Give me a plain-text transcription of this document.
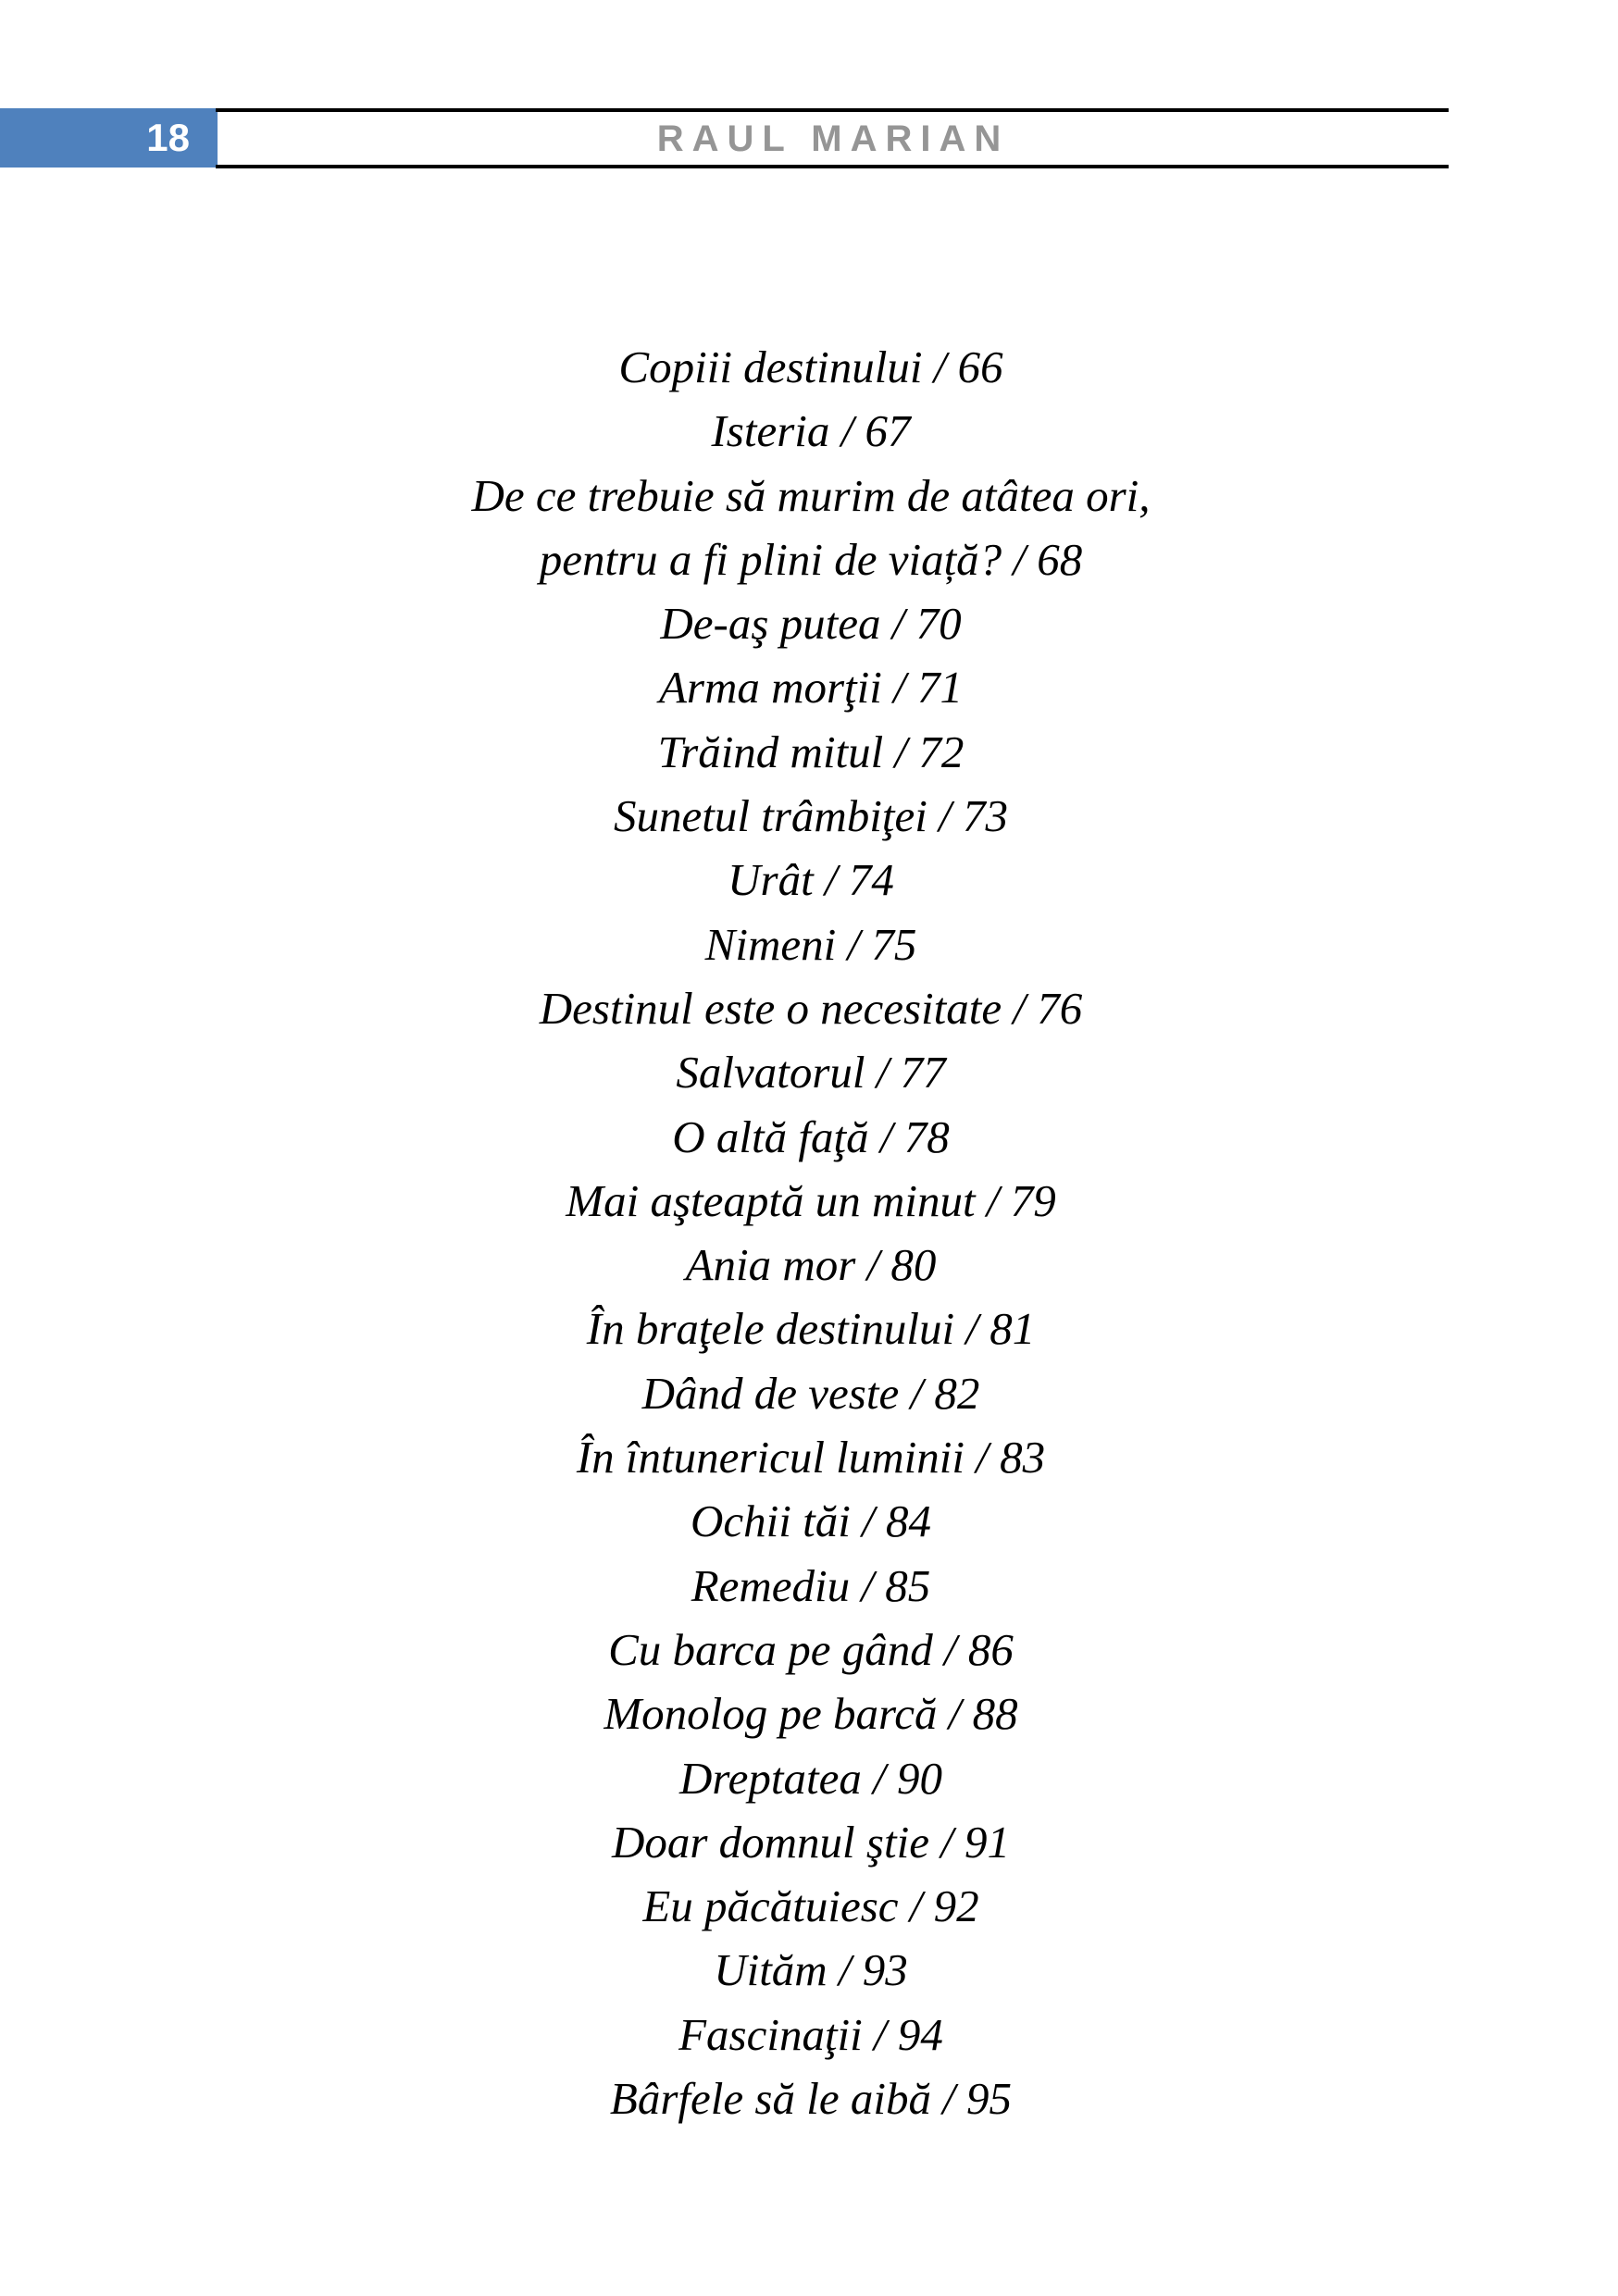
18	RAUL MARIAN
Copiii destinului / 66
Isteria / 67
De ce trebuie să murim de atâtea ori,
pentru a fi plini de viață? / 68
De-aş putea / 70
Arma morţii / 71
Trăind mitul / 72
Sunetul trâmbiţei / 73
Urât / 74
Nimeni / 75
Destinul este o necesitate / 76
Salvatorul / 77
O altă faţă / 78
Mai aşteaptă un minut / 79
Ania mor / 80
În braţele destinului / 81
Dând de veste / 82
În întunericul luminii / 83
Ochii tăi / 84
Remediu / 85
Cu barca pe gând / 86
Monolog pe barcă / 88
Dreptatea / 90
Doar domnul ştie / 91
Eu păcătuiesc / 92
Uităm / 93
Fascinaţii / 94
Bârfele să le aibă / 95
